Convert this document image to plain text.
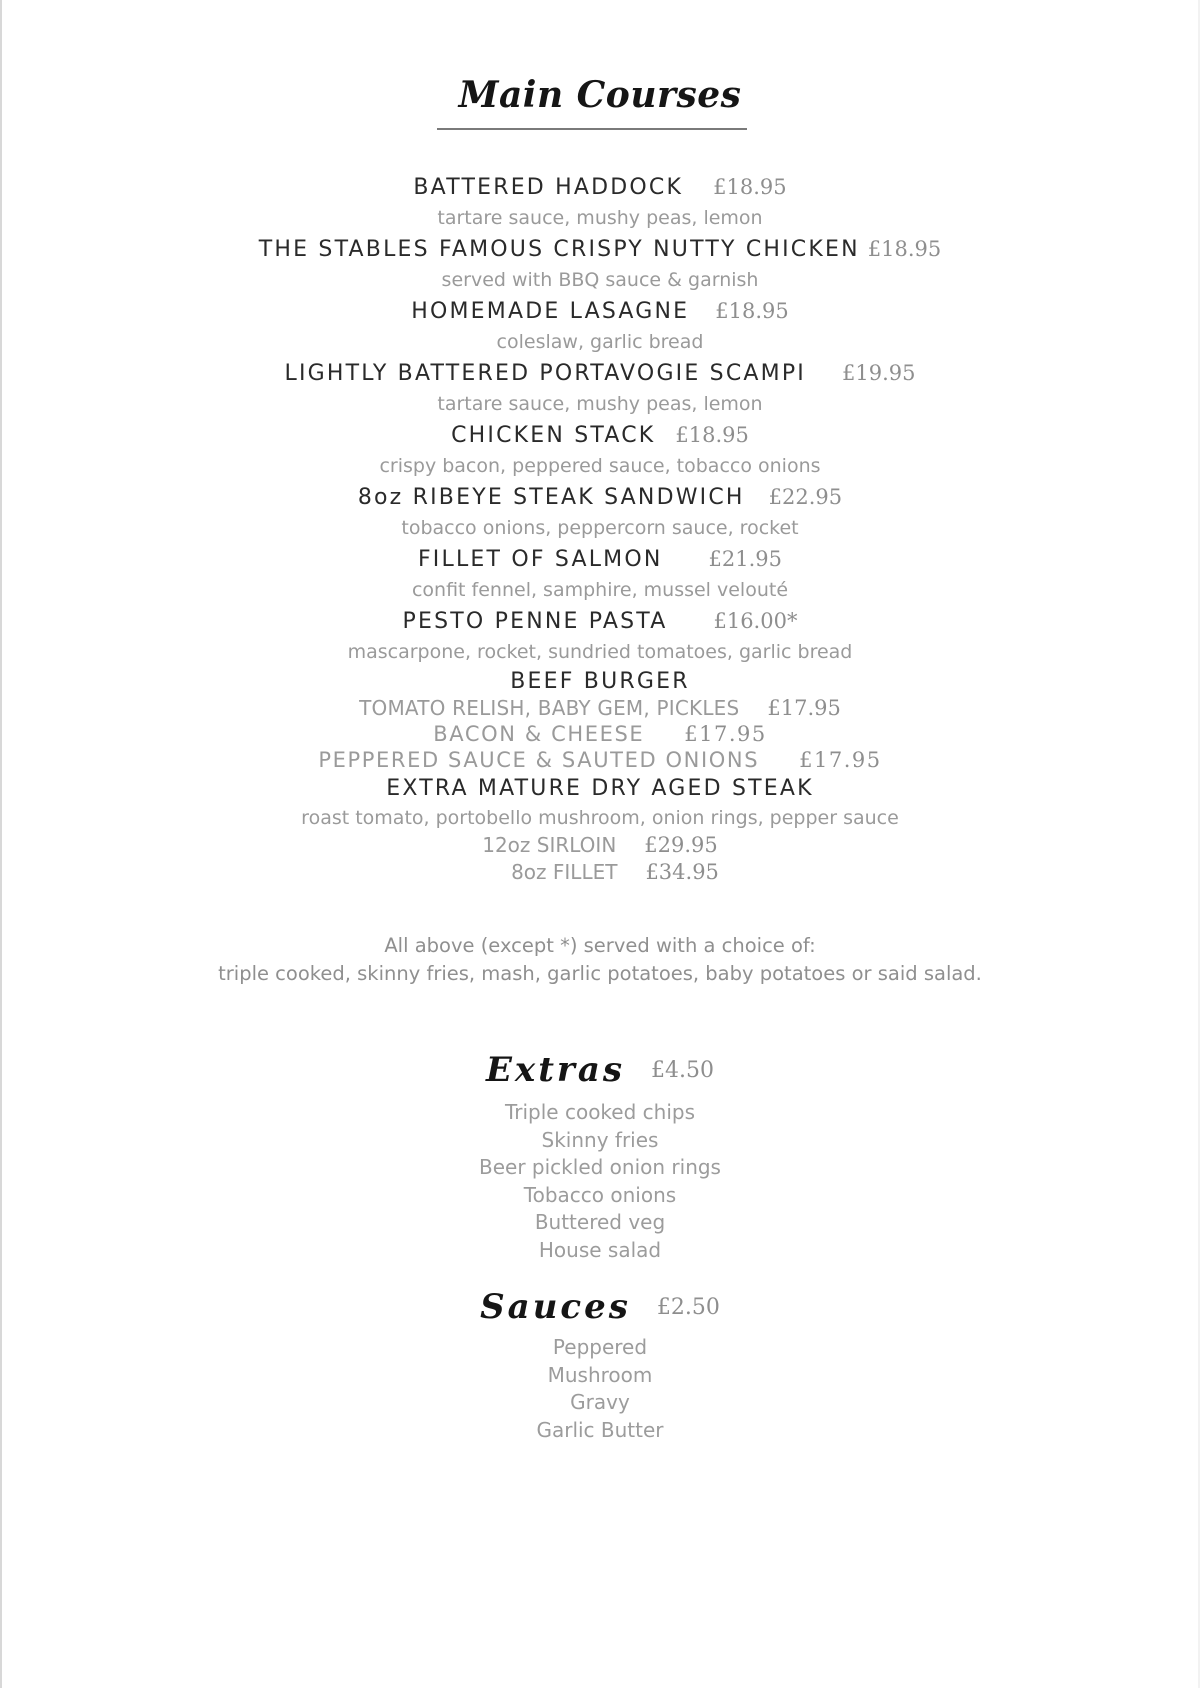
Main Courses
BATTERED HADDOCK £18.95
tartare sauce, mushy peas, lemon
THE STABLES FAMOUS CRISPY NUTTY CHICKEN £18.95
served with BBQ sauce & garnish
HOMEMADE LASAGNE £18.95
coleslaw, garlic bread
LIGHTLY BATTERED PORTAVOGIE SCAMPI £19.95
tartare sauce, mushy peas, lemon
CHICKEN STACK £18.95
crispy bacon, peppered sauce, tobacco onions
8oz RIBEYE STEAK SANDWICH £22.95
tobacco onions, peppercorn sauce, rocket
FILLET OF SALMON £21.95
confit fennel, samphire, mussel velouté
PESTO PENNE PASTA £16.00*
mascarpone, rocket, sundried tomatoes, garlic bread
BEEF BURGER
TOMATO RELISH, BABY GEM, PICKLES £17.95
BACON & CHEESE £17.95
PEPPERED SAUCE & SAUTED ONIONS £17.95
EXTRA MATURE DRY AGED STEAK
roast tomato, portobello mushroom, onion rings, pepper sauce
12oz SIRLOIN £29.95
8oz FILLET £34.95
All above (except *) served with a choice of:
triple cooked, skinny fries, mash, garlic potatoes, baby potatoes or said salad.
Extras £4.50
Triple cooked chips
Skinny fries
Beer pickled onion rings
Tobacco onions
Buttered veg
House salad
Sauces £2.50
Peppered
Mushroom
Gravy
Garlic Butter
